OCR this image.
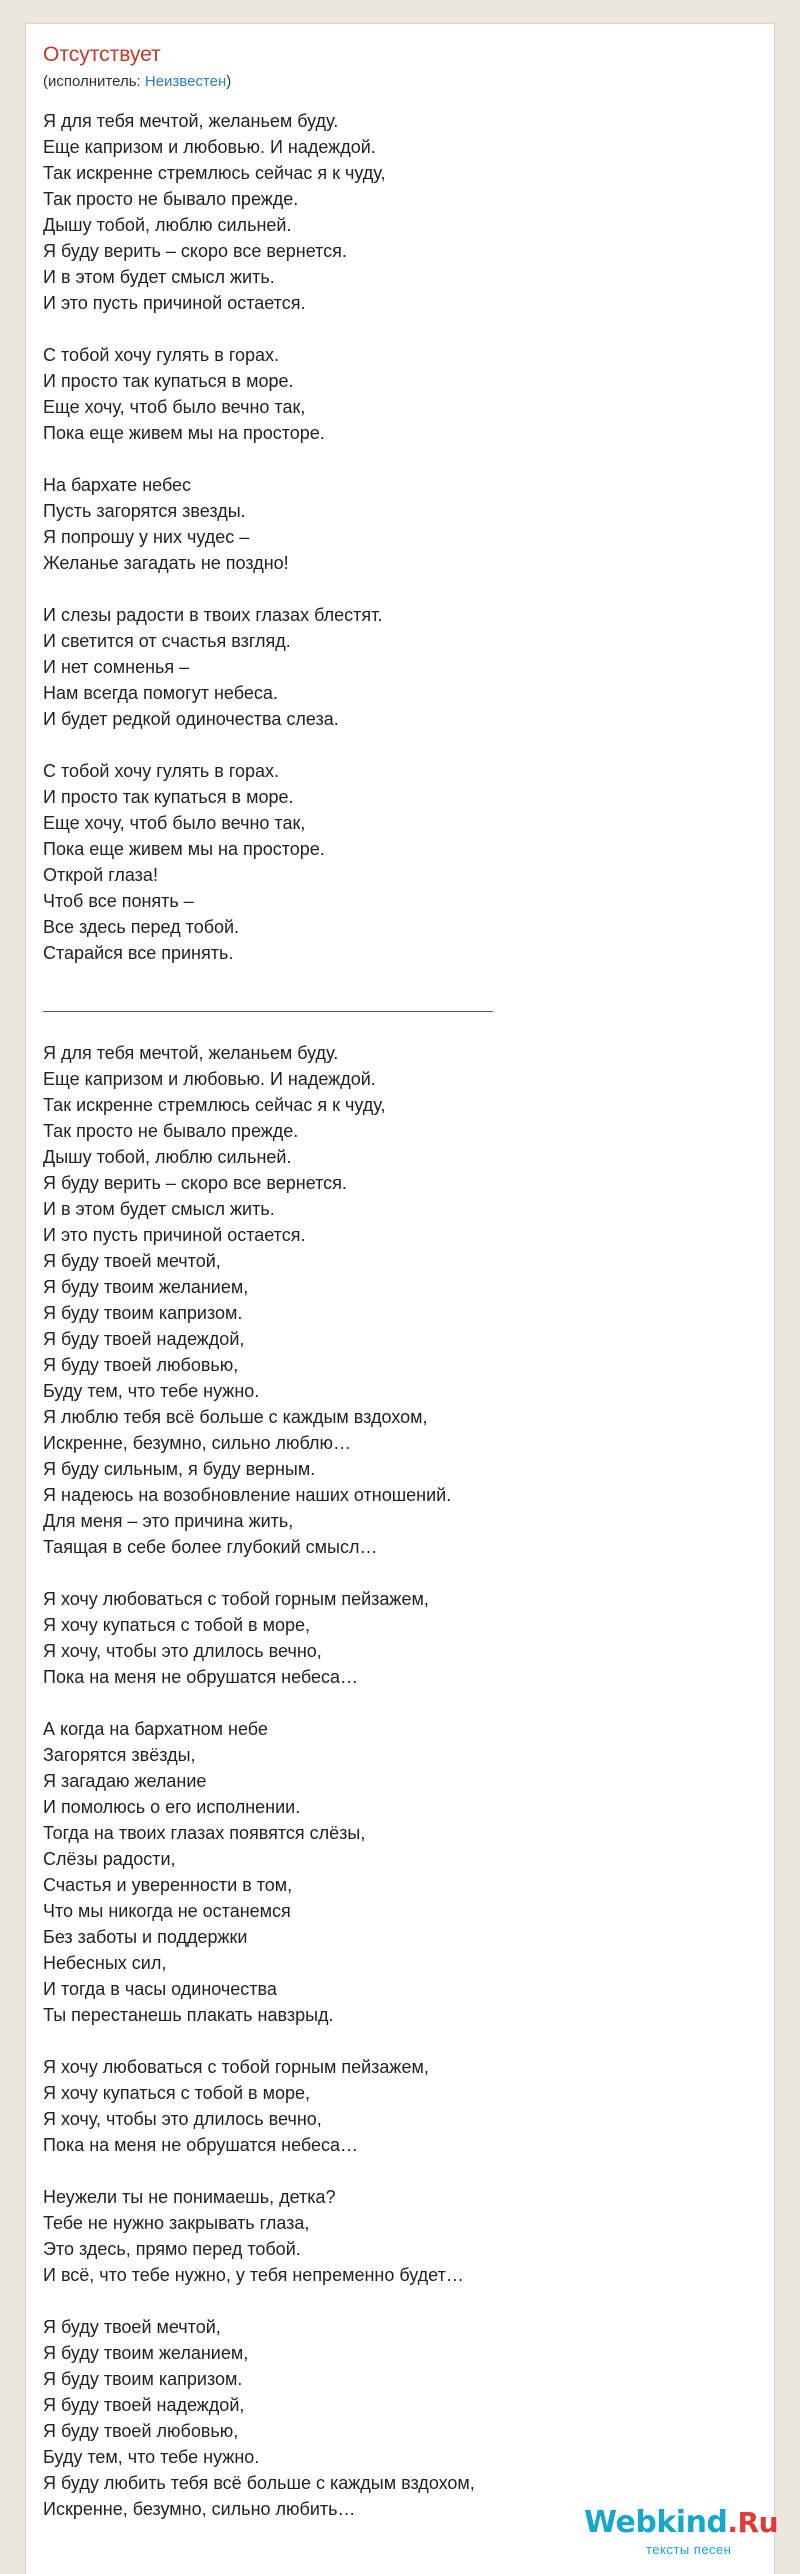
Отсутствует
(исполнитель: Неизвестен)
Я для тебя мечтой, желаньем буду.
Еще капризом и любовью. И надеждой.
Так искренне стремлюсь сейчас я к чуду,
Так просто не бывало прежде.
Дышу тобой, люблю сильней.
Я буду верить – скоро все вернется.
И в этом будет смысл жить.
И это пусть причиной остается.
С тобой хочу гулять в горах.
И просто так купаться в море.
Еще хочу, чтоб было вечно так,
Пока еще живем мы на просторе.
На бархате небес
Пусть загорятся звезды.
Я попрошу у них чудес –
Желанье загадать не поздно!
И слезы радости в твоих глазах блестят.
И светится от счастья взгляд.
И нет сомненья –
Нам всегда помогут небеса.
И будет редкой одиночества слеза.
С тобой хочу гулять в горах.
И просто так купаться в море.
Еще хочу, чтоб было вечно так,
Пока еще живем мы на просторе.
Открой глаза!
Чтоб все понять –
Все здесь перед тобой.
Старайся все принять.
Я для тебя мечтой, желаньем буду.
Еще капризом и любовью. И надеждой.
Так искренне стремлюсь сейчас я к чуду,
Так просто не бывало прежде.
Дышу тобой, люблю сильней.
Я буду верить – скоро все вернется.
И в этом будет смысл жить.
И это пусть причиной остается.
Я буду твоей мечтой,
Я буду твоим желанием,
Я буду твоим капризом.
Я буду твоей надеждой,
Я буду твоей любовью,
Буду тем, что тебе нужно.
Я люблю тебя всё больше с каждым вздохом,
Искренне, безумно, сильно люблю…
Я буду сильным, я буду верным.
Я надеюсь на возобновление наших отношений.
Для меня – это причина жить,
Таящая в себе более глубокий смысл…
Я хочу любоваться с тобой горным пейзажем,
Я хочу купаться с тобой в море,
Я хочу, чтобы это длилось вечно,
Пока на меня не обрушатся небеса…
А когда на бархатном небе
Загорятся звёзды,
Я загадаю желание
И помолюсь о его исполнении.
Тогда на твоих глазах появятся слёзы,
Слёзы радости,
Счастья и уверенности в том,
Что мы никогда не останемся
Без заботы и поддержки
Небесных сил,
И тогда в часы одиночества
Ты перестанешь плакать навзрыд.
Я хочу любоваться с тобой горным пейзажем,
Я хочу купаться с тобой в море,
Я хочу, чтобы это длилось вечно,
Пока на меня не обрушатся небеса…
Неужели ты не понимаешь, детка?
Тебе не нужно закрывать глаза,
Это здесь, прямо перед тобой.
И всё, что тебе нужно, у тебя непременно будет…
Я буду твоей мечтой,
Я буду твоим желанием,
Я буду твоим капризом.
Я буду твоей надеждой,
Я буду твоей любовью,
Буду тем, что тебе нужно.
Я буду любить тебя всё больше с каждым вздохом,
Искренне, безумно, сильно любить…	Webkind.Ru
тексты песен
